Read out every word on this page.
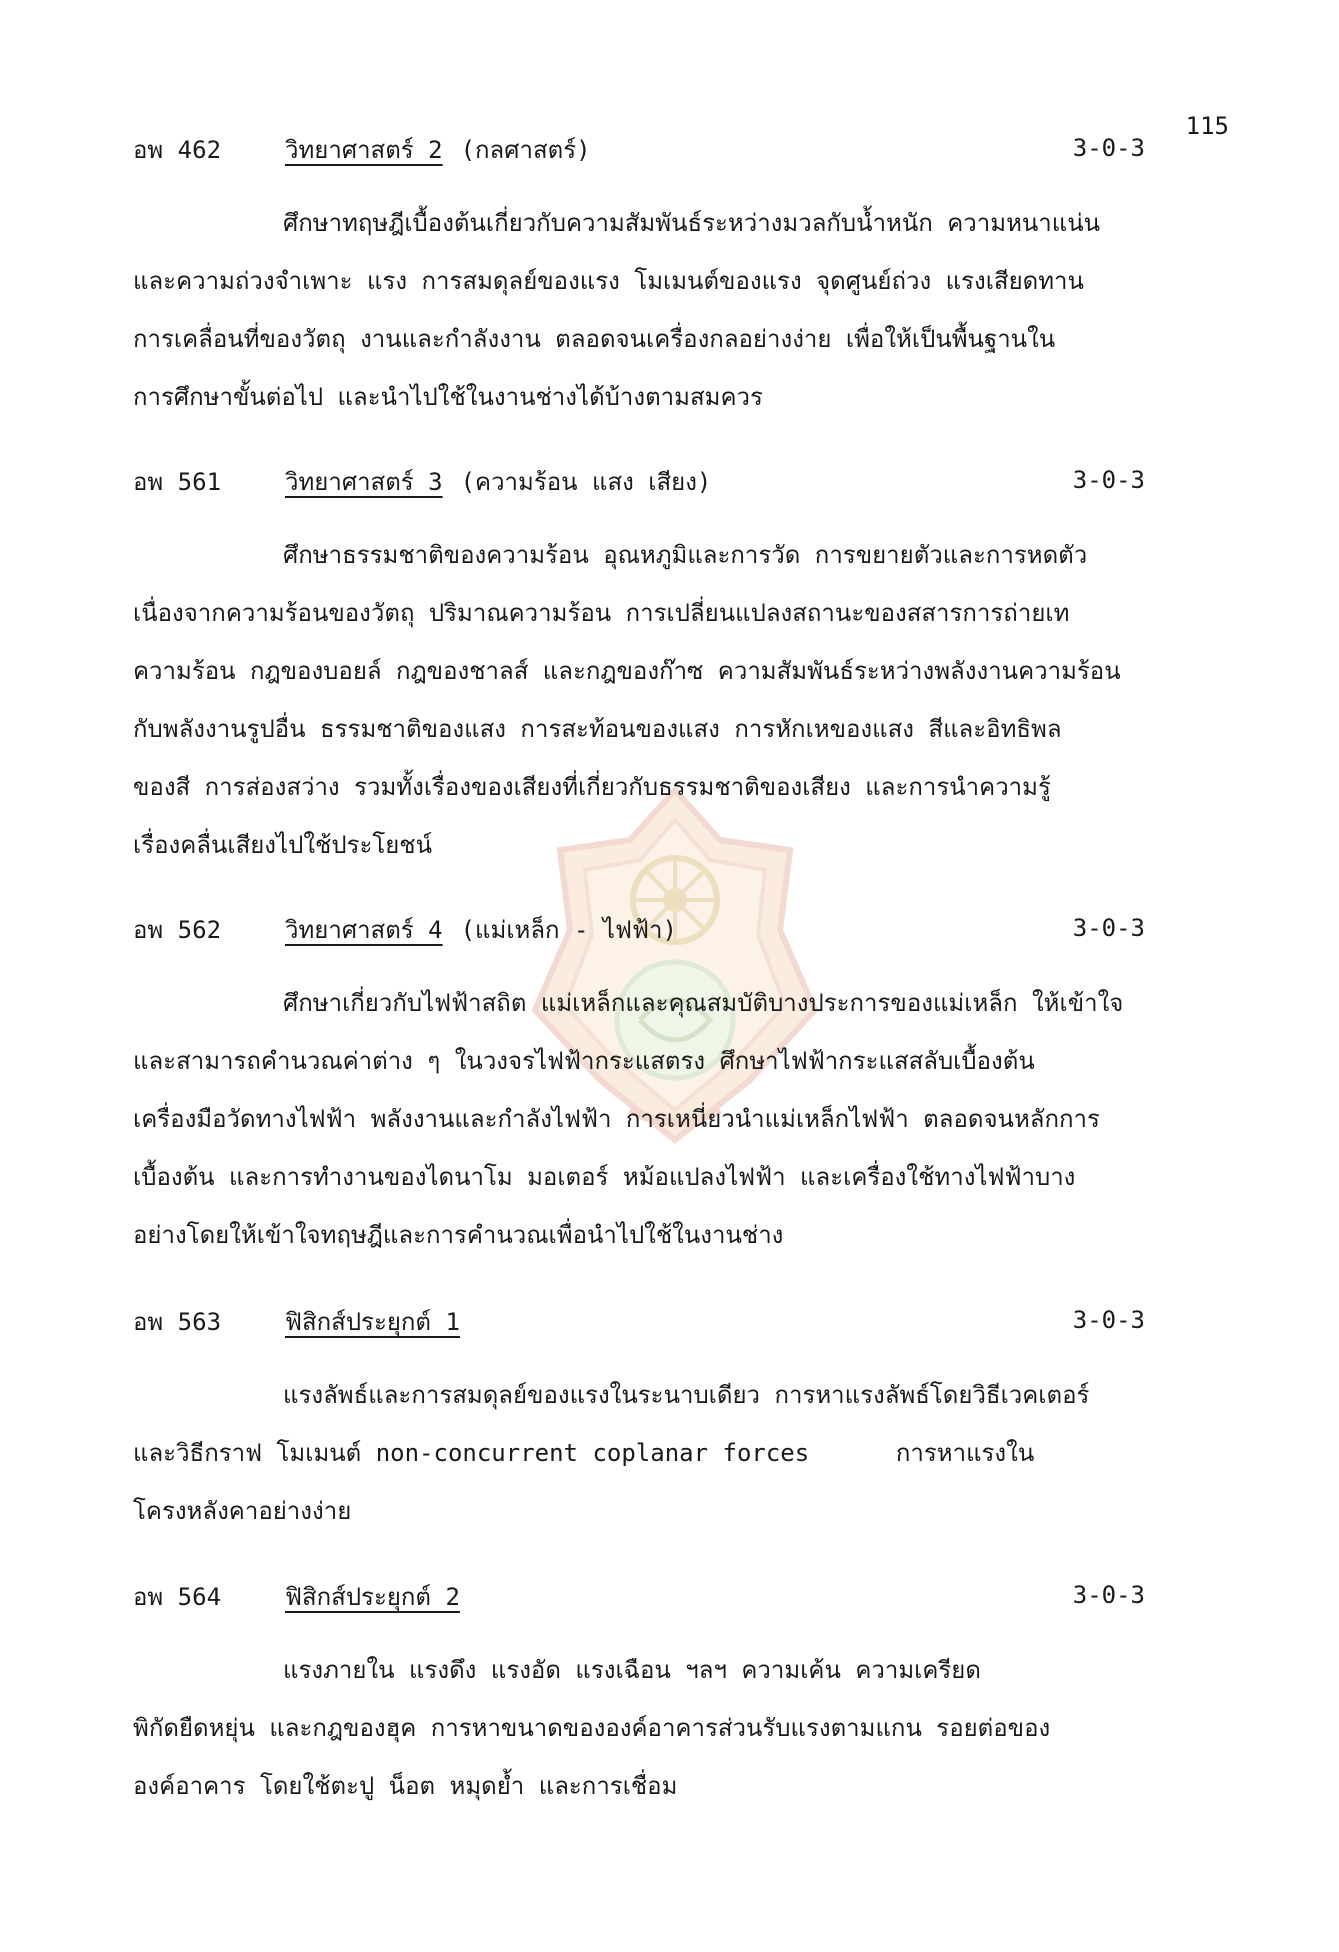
115
อพ 462	วิทยาศาสตร์ 2 (กลศาสตร์)	3-0-3

ศึกษาทฤษฎีเบื้องต้นเกี่ยวกับความสัมพันธ์ระหว่างมวลกับน้ำหนัก ความหนาแน่น

และความถ่วงจำเพาะ แรง การสมดุลย์ของแรง โมเมนต์ของแรง จุดศูนย์ถ่วง แรงเสียดทาน

การเคลื่อนที่ของวัตถุ งานและกำลังงาน ตลอดจนเครื่องกลอย่างง่าย เพื่อให้เป็นพื้นฐานใน

การศึกษาขั้นต่อไป และนำไปใช้ในงานช่างได้บ้างตามสมควร

อพ 561	วิทยาศาสตร์ 3 (ความร้อน แสง เสียง)	3-0-3

ศึกษาธรรมชาติของความร้อน อุณหภูมิและการวัด การขยายตัวและการหดตัว

เนื่องจากความร้อนของวัตถุ ปริมาณความร้อน การเปลี่ยนแปลงสถานะของสสารการถ่ายเท

ความร้อน กฎของบอยล์ กฎของชาลส์ และกฎของก๊าซ ความสัมพันธ์ระหว่างพลังงานความร้อน

กับพลังงานรูปอื่น ธรรมชาติของแสง การสะท้อนของแสง การหักเหของแสง สีและอิทธิพล

ของสี การส่องสว่าง รวมทั้งเรื่องของเสียงที่เกี่ยวกับธรรมชาติของเสียง และการนำความรู้

เรื่องคลื่นเสียงไปใช้ประโยชน์

อพ 562	วิทยาศาสตร์ 4 (แม่เหล็ก - ไฟฟ้า)	3-0-3

ศึกษาเกี่ยวกับไฟฟ้าสถิต แม่เหล็กและคุณสมบัติบางประการของแม่เหล็ก ให้เข้าใจ

และสามารถคำนวณค่าต่าง ๆ ในวงจรไฟฟ้ากระแสตรง ศึกษาไฟฟ้ากระแสสลับเบื้องต้น

เครื่องมือวัดทางไฟฟ้า พลังงานและกำลังไฟฟ้า การเหนี่ยวนำแม่เหล็กไฟฟ้า ตลอดจนหลักการ

เบื้องต้น และการทำงานของไดนาโม มอเตอร์ หม้อแปลงไฟฟ้า และเครื่องใช้ทางไฟฟ้าบาง

อย่างโดยให้เข้าใจทฤษฎีและการคำนวณเพื่อนำไปใช้ในงานช่าง

อพ 563	ฟิสิกส์ประยุกต์ 1	3-0-3

แรงลัพธ์และการสมดุลย์ของแรงในระนาบเดียว การหาแรงลัพธ์โดยวิธีเวคเตอร์

และวิธีกราฟ โมเมนต์ non-concurrent coplanar forces      การหาแรงใน

โครงหลังคาอย่างง่าย

อพ 564	ฟิสิกส์ประยุกต์ 2	3-0-3

แรงภายใน แรงดึง แรงอัด แรงเฉือน ฯลฯ ความเค้น ความเครียด

พิกัดยืดหยุ่น และกฎของฮุค การหาขนาดขององค์อาคารส่วนรับแรงตามแกน รอยต่อของ

องค์อาคาร โดยใช้ตะปู น็อต หมุดย้ำ และการเชื่อม
